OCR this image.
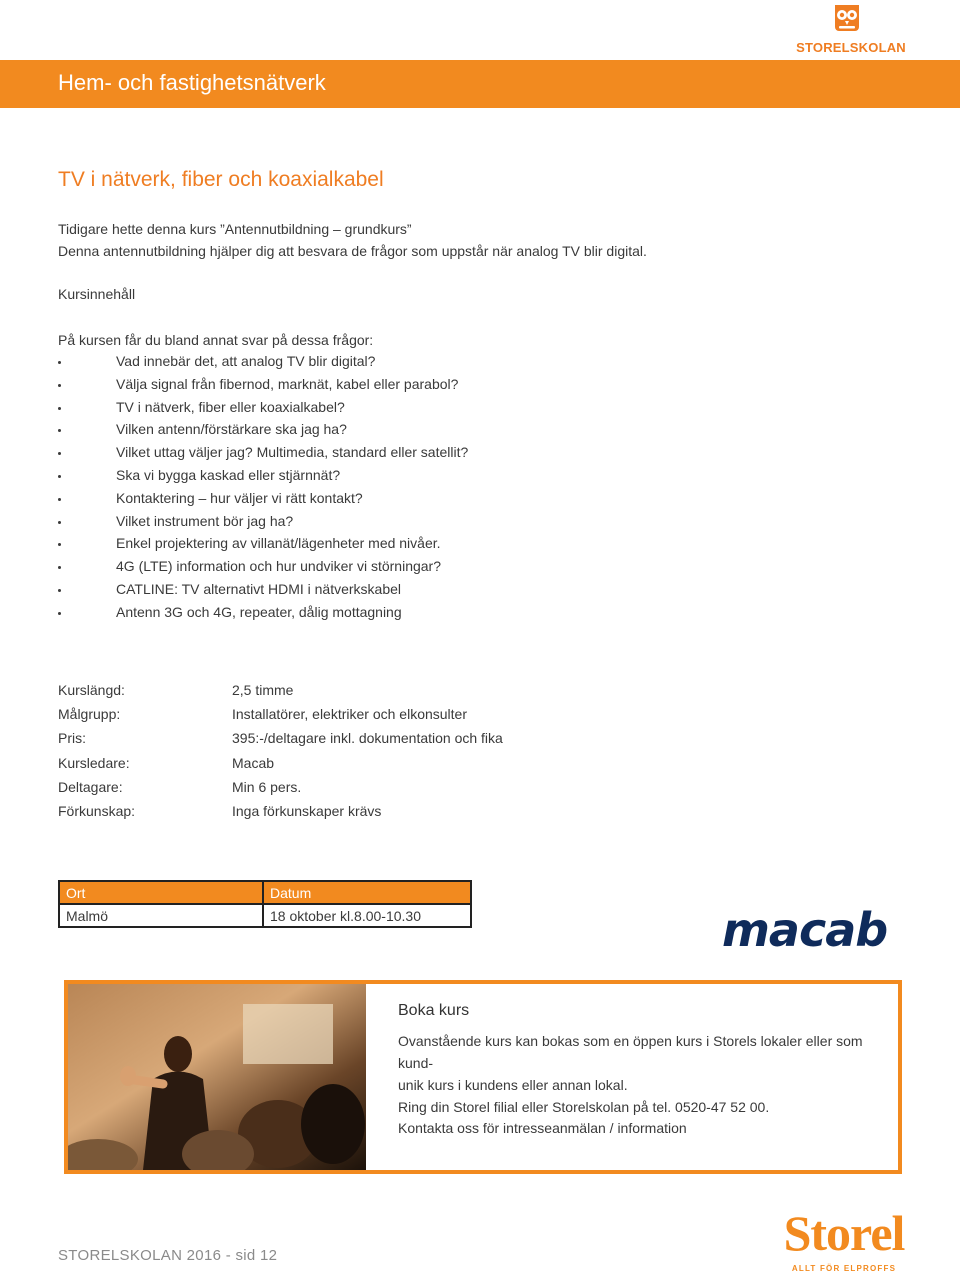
STORELSKOLAN
Hem- och fastighetsnätverk
TV i nätverk, fiber och koaxialkabel
Tidigare hette denna kurs ”Antennutbildning – grundkurs”
Denna antennutbildning hjälper dig att besvara de frågor som uppstår när analog TV blir digital.
Kursinnehåll
På kursen får du bland annat svar på dessa frågor:
Vad innebär det, att analog TV blir digital?
Välja signal från fibernod, marknät, kabel eller parabol?
TV i nätverk, fiber eller koaxialkabel?
Vilken antenn/förstärkare ska jag ha?
Vilket uttag väljer jag? Multimedia, standard eller satellit?
Ska vi bygga kaskad eller stjärnnät?
Kontaktering – hur väljer vi rätt kontakt?
Vilket instrument bör jag ha?
Enkel projektering av villanät/lägenheter med nivåer.
4G (LTE) information och hur undviker vi störningar?
CATLINE: TV alternativt HDMI i nätverkskabel
Antenn 3G och 4G, repeater, dålig mottagning
Kurslängd:	2,5 timme
Målgrupp:	Installatörer, elektriker och elkonsulter
Pris:	395:-/deltagare inkl. dokumentation och fika
Kursledare:	Macab
Deltagare:	Min 6 pers.
Förkunskap:	Inga förkunskaper krävs
Ort	Datum
Malmö	18 oktober kl.8.00-10.30	macab
Boka kurs
Ovanstående kurs kan bokas som en öppen kurs i Storels lokaler eller som kund-
unik kurs i kundens eller annan lokal.
Ring din Storel filial eller Storelskolan på tel. 0520-47 52 00.
Kontakta oss för intresseanmälan / information
STORELSKOLAN 2016 - sid 12	Storel
ALLT FÖR ELPROFFS
